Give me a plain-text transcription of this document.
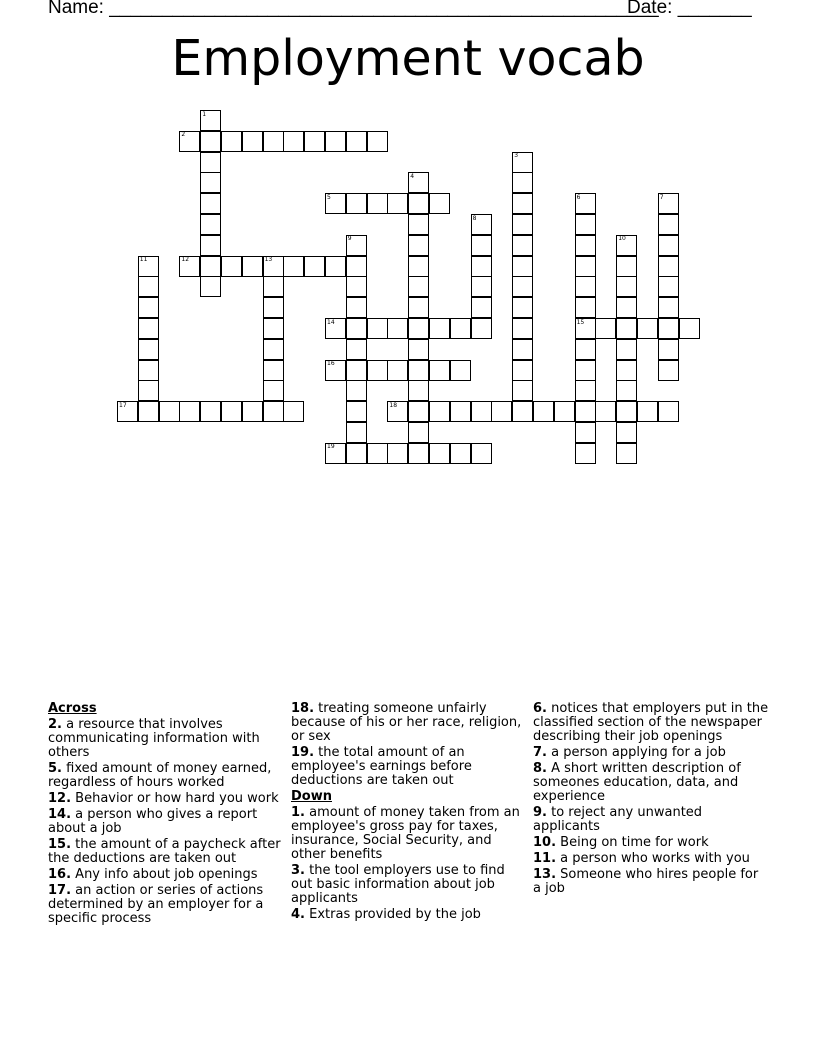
Name: ____________________________________________________
Date: _______
Employment vocab
1
2
3
4
5	6	7
8
9	10
11	12	13
14	15
16
17	18
19
Across
2. a resource that involves communicating information with others
5. fixed amount of money earned, regardless of hours worked
12. Behavior or how hard you work
14. a person who gives a report about a job
15. the amount of a paycheck after the deductions are taken out
16. Any info about job openings
17. an action or series of actions determined by an employer for a specific process
18. treating someone unfairly because of his or her race, religion, or sex
19. the total amount of an employee's earnings before deductions are taken out
Down
1. amount of money taken from an employee's gross pay for taxes, insurance, Social Security, and other benefits
3. the tool employers use to find out basic information about job applicants
4. Extras provided by the job
6. notices that employers put in the classified section of the newspaper describing their job openings
7. a person applying for a job
8. A short written description of someones education, data, and experience
9. to reject any unwanted applicants
10. Being on time for work
11. a person who works with you
13. Someone who hires people for a job
